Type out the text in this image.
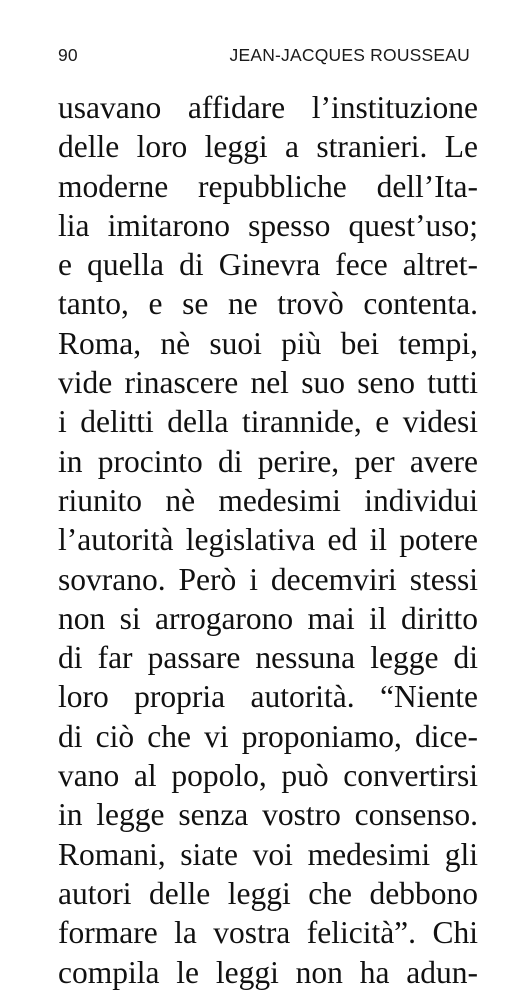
90	JEAN-JACQUES ROUSSEAU
usavano affidare l’instituzione
delle loro leggi a stranieri. Le
moderne repubbliche dell’Ita-
lia imitarono spesso quest’uso;
e quella di Ginevra fece altret-
tanto, e se ne trovò contenta.
Roma, nè suoi più bei tempi,
vide rinascere nel suo seno tutti
i delitti della tirannide, e videsi
in procinto di perire, per avere
riunito nè medesimi individui
l’autorità legislativa ed il potere
sovrano. Però i decemviri stessi
non si arrogarono mai il diritto
di far passare nessuna legge di
loro propria autorità. “Niente
di ciò che vi proponiamo, dice-
vano al popolo, può convertirsi
in legge senza vostro consenso.
Romani, siate voi medesimi gli
autori delle leggi che debbono
formare la vostra felicità”. Chi
compila le leggi non ha adun-
